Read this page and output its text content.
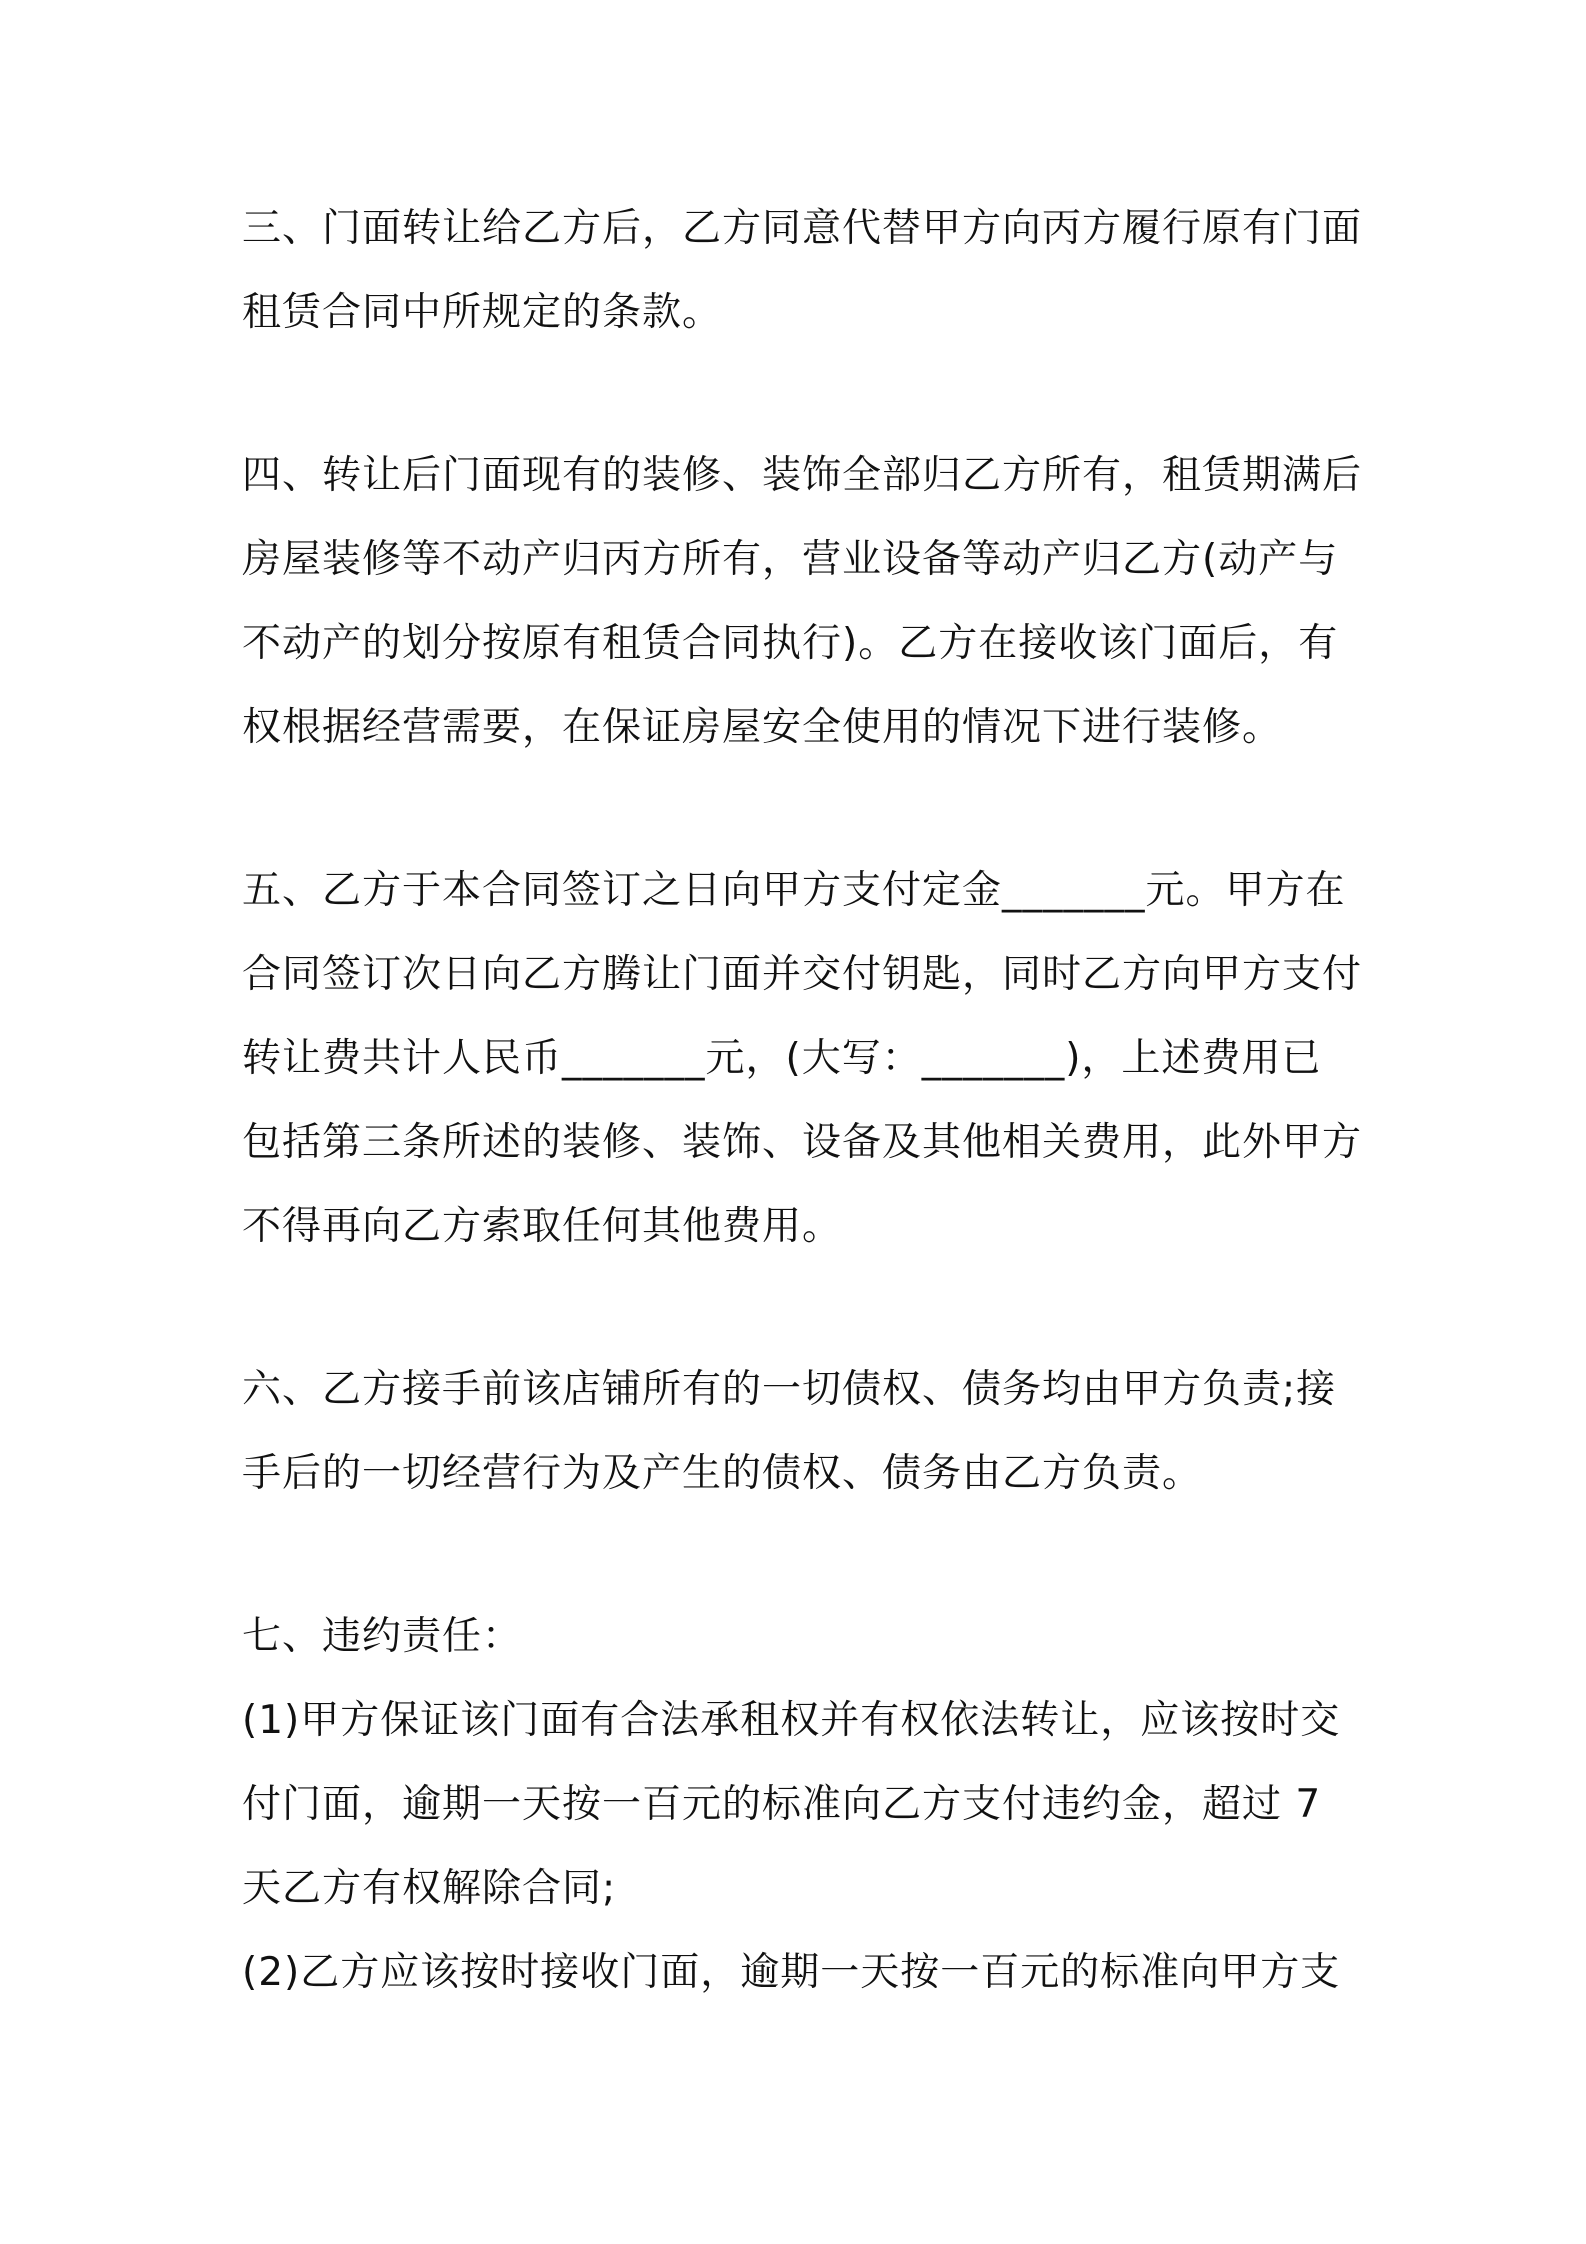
三、门面转让给乙方后，乙方同意代替甲方向丙方履行原有门面
租赁合同中所规定的条款。
四、转让后门面现有的装修、装饰全部归乙方所有，租赁期满后
房屋装修等不动产归丙方所有，营业设备等动产归乙方(动产与
不动产的划分按原有租赁合同执行)。乙方在接收该门面后，有
权根据经营需要，在保证房屋安全使用的情况下进行装修。
五、乙方于本合同签订之日向甲方支付定金_______元。甲方在
合同签订次日向乙方腾让门面并交付钥匙，同时乙方向甲方支付
转让费共计人民币_______元，(大写：_______)，上述费用已
包括第三条所述的装修、装饰、设备及其他相关费用，此外甲方
不得再向乙方索取任何其他费用。
六、乙方接手前该店铺所有的一切债权、债务均由甲方负责;接
手后的一切经营行为及产生的债权、债务由乙方负责。
七、违约责任：
(1)甲方保证该门面有合法承租权并有权依法转让，应该按时交
付门面，逾期一天按一百元的标准向乙方支付违约金，超过 7
天乙方有权解除合同;
(2)乙方应该按时接收门面，逾期一天按一百元的标准向甲方支
